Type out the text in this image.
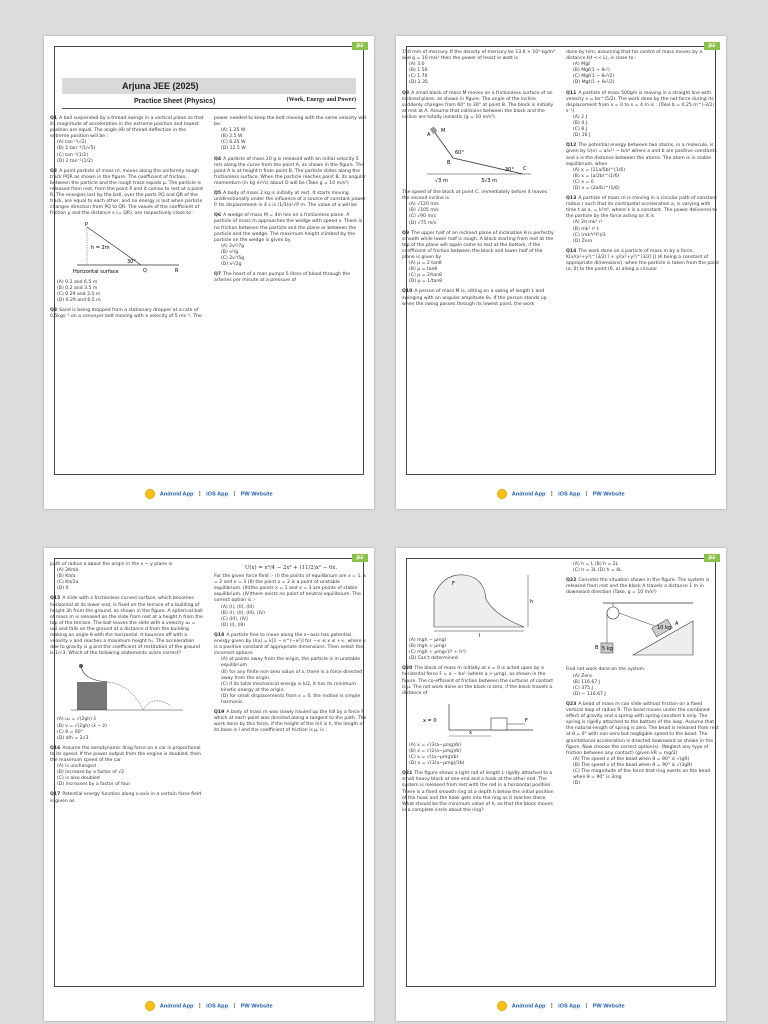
JEE
Arjuna JEE (2025)
Practice Sheet (Physics)	(Work, Energy and Power)
Q1 A ball suspended by a thread swings in a vertical plane so that its magnitude of acceleration in the extreme position and lowest position are equal. The angle (θ) of thread deflection in the extreme position will be :
(A) tan⁻¹(√2)
(B) 2 tan⁻¹(1/√5)
(C) tan⁻¹(1/2)
(D) 2 tan⁻¹(1/2)
Q2 A point particle of mass m, moves along the uniformly rough track PQR as shown in the figure. The coefficient of friction, between the particle and the rough track equals μ. The particle is released from rest, from the point P and it comes to rest at a point R. The energies lost by the ball, over the parts PQ and QR of the track, are equal to each other, and no energy is lost when particle changes direction from PQ to QR. The values of the coefficient of friction μ and the distance x (= QR), are respectively close to :
P
h = 2m
Q	R
30°
Horizontal surface
(A) 0.2 and 6.5 m
(B) 0.2 and 3.5 m
(C) 0.29 and 3.5 m
(D) 0.29 and 6.5 m
Q3 Sand is being dropped from a stationary dropper at a rate of 0.5kgs⁻¹ on a conveyor belt moving with a velocity of 5 ms⁻¹. The
power needed to keep the belt moving with the same velocity will be:
(A) 1.25 W
(B) 2.5 W
(C) 6.25 W
(D) 12.5 W
Q4 A particle of mass 20 g is released with an initial velocity 5 m/s along the curve from the point A, as shown in the figure. The point A is at height h from point B. The particle slides along the frictionless surface. When the particle reaches point B, its angular momentum (in kg m²/s) about O will be (Take g = 10 m/s²)
Q5 A body of mass 2 kg is initially at rest. It starts moving unidirectionally under the influence of a source of constant power P. Its displacement in 4 s is (1/3)α²√P m. The value of α will be
Q6 A wedge of mass M = 4m lies on a frictionless plane. A particle of mass m approaches the wedge with speed v. There is no friction between the particle and the plane or between the particle and the wedge. The maximum height climbed by the particle on the wedge is given by
(A) 2v²/7g
(B) v²/g
(C) 2v²/5g
(D) v²/2g
Q7 The heart of a man pumps 5 litres of blood through the arteries per minute at a pressure of
Android App | iOS App | PW Website
JEE
150 mm of mercury. If the density of mercury be 13.6 × 10³ kg/m³ and g = 10 m/s² then the power of heart in watt is
(A) 3.0
(B) 1.50
(C) 1.70
(D) 2.35
Q8 A small block of mass M moves on a frictionless surface of an inclined plane, as shown in figure. The angle of the incline suddenly changes from 60° to 30° at point B. The block is initially at rest at A. Assume that collisions between the block and the incline are totally inelastic (g = 10 m/s²).
M
A
B
C
60°
30°
√3 m	3√3 m
The speed of the block at point C, immediately before it leaves the second incline is
(A) √120 m/s
(B) √105 m/s
(C) √90 m/s
(D) √75 m/s
Q9 The upper half of an inclined plane of inclination θ is perfectly smooth while lower half is rough. A block starting from rest at the top of the plane will again come to rest at the bottom, if the coefficient of friction between the block and lower half of the plane is given by
(A) μ = 2 tanθ
(B) μ = tanθ
(C) μ = 2/tanθ
(D) μ = 1/tanθ
Q10 A person of mass M is, sitting on a swing of length L and swinging with an angular amplitude θ₀. If the person stands up when the swing passes through its lowest point, the work
done by him, assuming that his centre of mass moves by a distance ℓ(ℓ << L), is close to :
(A) Mgℓ
(B) Mgℓ(1 + θ₀²)
(C) Mgℓ(1 − θ₀²/2)
(D) Mgℓ(1 + θ₀²/2)
Q11 A particle of mass 500gm is moving in a straight line with velocity v = bx^(5/2). The work done by the net force during its displacement from x = 0 to x = 4 m is : (Take b = 0.25 m^(-3/2) s⁻¹)
(A) 2 J
(B) 4 J
(C) 8 J
(D) 16 J
Q12 The potential energy between two atoms, in a molecule, is given by U(x) = a/x¹² − b/x⁶ where a and b are positive constants and x is the distance between the atoms. The atom is in stable equilibrium, when
(A) x = (11a/5b)^(1/6)
(B) x = (a/2b)^(1/6)
(C) x = 0
(D) x = (2a/b)^(1/6)
Q13 A particle of mass m is moving in a circular path of constant radius r such that its centripetal acceleration a꜀ is varying with time t as a꜀ = k²rt², where k is a constant. The power delivered to the particle by the force acting on it is
(A) 2π mk² r²
(B) mk² r² t
(C) (mk⁴r²t⁵)/3
(D) Zero
Q14 The work done on a particle of mass m by a force, K[x/(x²+y²)^(3/2) î + y/(x²+y²)^(3/2) ĵ] (K being a constant of appropriate dimensions), when the particle is taken from the point (a, 0) to the point (0, a) along a circular
Android App | iOS App | PW Website
JEE
path of radius a about the origin in the x − y plane is
(A) 2Kπ/a
(B) Kπ/a
(C) Kπ/2a
(D) 0
Q15 A slide with a frictionless curved surface, which becomes horizontal at its lower end, is fixed on the terrace of a building of height 3h from the ground, as shown in the figure. A spherical ball of mass m is released on the slide from rest at a height h from the top of the terrace. The ball leaves the slide with a velocity u₀ = u₀x̂ and falls on the ground at a distance d from the building making an angle θ with the horizontal. It bounces off with a velocity v and reaches a maximum height h₁. The acceleration due to gravity is g and the coefficient of restitution of the ground is 1/√3. Which of the following statements is/are correct?
(A) u₀ = √(2gh) x̂
(B) v = √(2gh) (x̂ − ẑ)
(C) θ = 60°
(D) d/h = 2√3
Q16 Assume the aerodynamic drag force on a car is proportional to its speed. If the power output from the engine is doubled, then the maximum speed of the car
(A) is unchanged
(B) increase by a factor of √2
(C) is also doubled
(D) increases by a factor of four
Q17 Potential energy function along x-axis in a certain force field is given as
U(x) = x⁴/4 − 2x³ + (11/2)x² − 6x.
For the given force field :- (I) the points of equilibrium are x = 1, x = 2 and x = 3 (II) the point x = 2 is a point of unstable equilibrium. (III)the points x = 1 and x = 3 are points of stable equilibrium. (IV)there exists no point of neutral equilibrium. The correct option is :-
(A) (I), (II), (III)
(B) (I), (II), (III), (IV)
(C) (III), (IV)
(D) (I), (III)
Q18 A particle free to move along the x−axis has potential energy given by U(x) = k[1 − e^(−x²)] for −∞ ≤ x ≤ +∞, where k is a positive constant of appropriate dimensions. Then select the incorrect options
(A) at points away from the origin, the particle is in unstable equilibrium
(B) for any finite non-zero value of x, there is a force directed away from the origin.
(C) if its total mechanical energy is k/2, it has its minimum kinetic energy at the origin.
(D) for small displacements from x = 0, the motion is simple harmonic.
Q19 A body of mass m was slowly hauled up the hill by a force F which at each point was directed along a tangent to the path. The work done by this force, if the height of the hill is h, the length of its base is l and the coefficient of friction is μ, is :
Android App | iOS App | PW Website
JEE
F
h
l
(A) mgh − μmgl
(B) mgh + μmgl
(C) mgh + μmg√(l² + h²)
(D) Can't determined
Q20 The block of mass m initially at x = 0 is acted upon by a horizontal force F = a − bx² (where a > μmg), as shown in the figure. The co-efficient of friction between the surfaces of contact is μ. The net work done on the block is zero, if the block travels a distance of
x = 0
x
F
(A) x = √(3(a−μmg)/b)
(B) x = √(2(a−μmg)/b)
(C) x = √((a−μmg)/b)
(D) x = √(3(a−μmg)/2b)
Q21 The figure shows a light rod of length L rigidly attached to a small heavy block at one end and a hook at the other end. The system is released from rest with the rod in a horizontal position. There is a fixed smooth ring at a depth h below the initial position of the hook and the hook gets into the ring as it reaches there. What should be the minimum value of h, so that the block moves in a complete circle about the ring?
(A) h = L (B) h = 2L
(C) h = 3L (D) h = 4L
Q22 Consider the situation shown in the figure. The system is released from rest and the block A travels a distance 1 m in downward direction (Take, g = 10 m/s²)
10 kg
5 kg
A
B
Find net work done on the system.
(A) Zero
(B) 116.67 J
(C) 375 J
(D) − 116.67 J
Q23 A bead of mass m can slide without friction on a fixed vertical loop of radius R. The bead moves under the combined effect of gravity and a spring with spring constant k only. The spring is rigidly attached to the bottom of the loop. Assume that the natural-length of spring is zero. The bead is released from rest at θ = 0° with non-zero but negligible speed to the bead. The gravitational acceleration is directed downward as shown in the figure. Now choose the correct option(s). (Neglect any type of friction between any contact) (given kR = mg/2)
(A) The speed v of the bead when θ = 90° is √(gR)
(B) The speed v of the bead when θ = 90° is √(3gR)
(C) The magnitude of the force that ring exerts on the bead when θ = 90° is 3mg
(D)
Android App | iOS App | PW Website
